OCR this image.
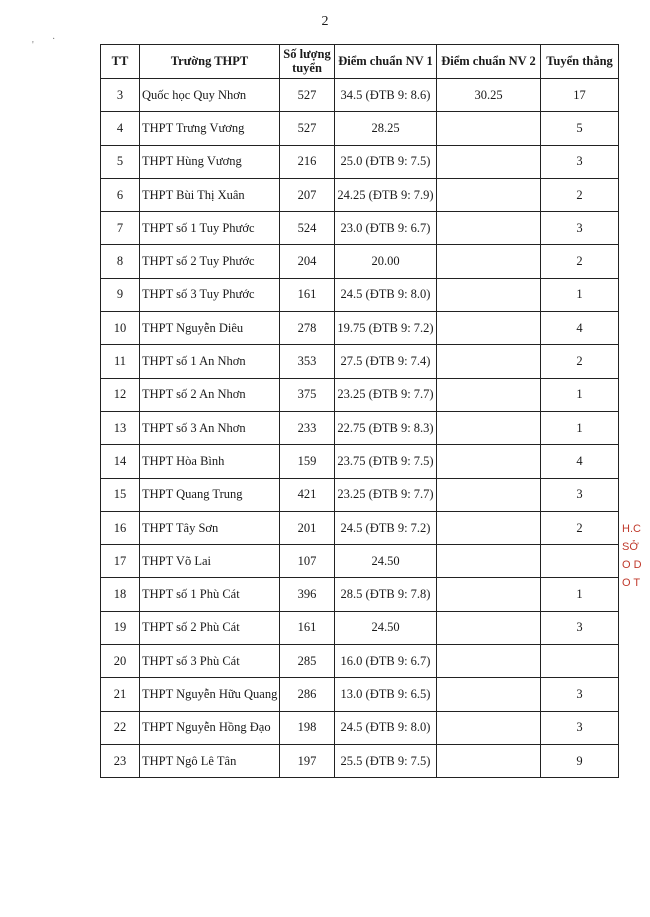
2
'
·
TT	Trường THPT	Số lượng tuyển	Điểm chuẩn NV 1	Điểm chuẩn NV 2	Tuyển thẳng
3	Quốc học Quy Nhơn	527	34.5 (ĐTB 9: 8.6)	30.25	17
4	THPT Trưng Vương	527	28.25		5
5	THPT Hùng Vương	216	25.0 (ĐTB 9: 7.5)		3
6	THPT Bùi Thị Xuân	207	24.25 (ĐTB 9: 7.9)		2
7	THPT số 1 Tuy Phước	524	23.0 (ĐTB 9: 6.7)		3
8	THPT số 2 Tuy Phước	204	20.00		2
9	THPT số 3 Tuy Phước	161	24.5 (ĐTB 9: 8.0)		1
10	THPT Nguyễn Diêu	278	19.75 (ĐTB 9: 7.2)		4
11	THPT số 1 An Nhơn	353	27.5 (ĐTB 9: 7.4)		2
12	THPT số 2 An Nhơn	375	23.25 (ĐTB 9: 7.7)		1
13	THPT số 3 An Nhơn	233	22.75 (ĐTB 9: 8.3)		1
14	THPT Hòa Bình	159	23.75 (ĐTB 9: 7.5)		4
15	THPT Quang Trung	421	23.25 (ĐTB 9: 7.7)		3
16	THPT Tây Sơn	201	24.5 (ĐTB 9: 7.2)		2
17	THPT Võ Lai	107	24.50		
18	THPT số 1 Phù Cát	396	28.5 (ĐTB 9: 7.8)		1
19	THPT số 2 Phù Cát	161	24.50		3
20	THPT số 3 Phù Cát	285	16.0 (ĐTB 9: 6.7)		
21	THPT Nguyễn Hữu Quang	286	13.0 (ĐTB 9: 6.5)		3
22	THPT Nguyễn Hồng Đạo	198	24.5 (ĐTB 9: 8.0)		3
23	THPT Ngô Lê Tân	197	25.5 (ĐTB 9: 7.5)		9
H.C
SỞ
O D
O T
